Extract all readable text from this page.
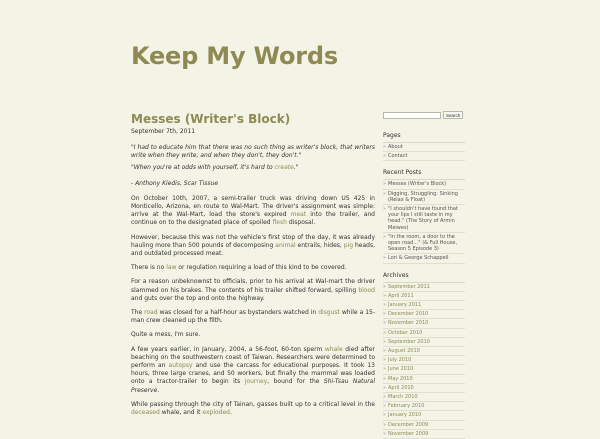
Keep My Words
Messes (Writer's Block)
September 7th, 2011

"I had to educate him that there was no such thing as writer's block, that writers write when they write, and when they don't, they don't."

"When you're at odds with yourself, it's hard to create."

- Anthony Kiedis, Scar Tissue

On October 10th, 2007, a semi-trailer truck was driving down US 425 in Monticello, Arizona, en route to Wal-Mart. The driver's assignment was simple: arrive at the Wal-Mart, load the store's expired meat into the trailer, and continue on to the designated place of spoiled flesh disposal.

However, because this was not the vehicle's first stop of the day, it was already hauling more than 500 pounds of decomposing animal entrails, hides, pig heads, and outdated processed meat.

There is no law or regulation requiring a load of this kind to be covered.

For a reason unbeknownst to officials, prior to his arrival at Wal-mart the driver slammed on his brakes. The contents of his trailer shifted forward, spilling blood and guts over the top and onto the highway.

The road was closed for a half-hour as bystanders watched in disgust while a 15-man crew cleaned up the filth.

Quite a mess, I'm sure.

A few years earlier, in January, 2004, a 56-foot, 60-ton sperm whale died after beaching on the southwestern coast of Taiwan. Researchers were determined to perform an autopsy and use the carcass for educational purposes. It took 13 hours, three large cranes, and 50 workers, but finally the mammal was loaded onto a tractor-trailer to begin its journey, bound for the Shi-Tsau Natural Preserve.

While passing through the city of Tainan, gasses built up to a critical level in the deceased whale, and it exploded.

Search
Pages
» About
» Contact
Recent Posts
» Messes (Writer's Block)
» Digging, Struggling: Sinking (Relax & Float)
» "I shouldn't have found that your lips I still taste in my head." (The Story of Armin Meiwes)
» "In the room, a door to the open road…" (& Full House, Season 5 Episode 3)
» Lori & George Schappell
Archives
» September 2011
» April 2011
» January 2011
» December 2010
» November 2010
» October 2010
» September 2010
» August 2010
» July 2010
» June 2010
» May 2010
» April 2010
» March 2010
» February 2010
» January 2010
» December 2009
» November 2009
